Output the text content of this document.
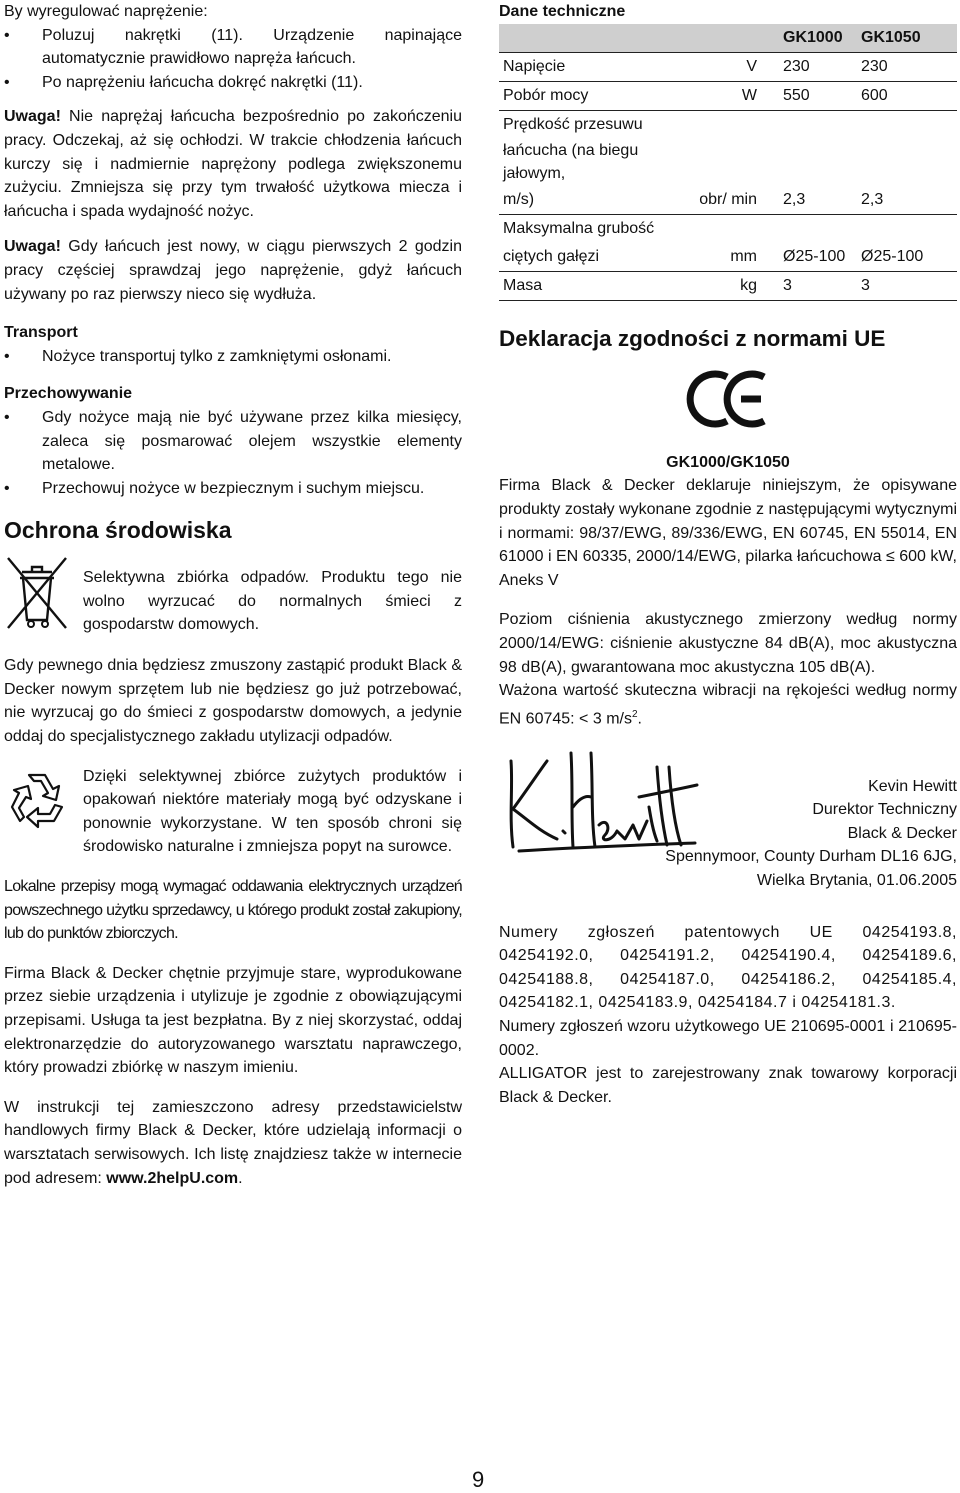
By wyregulować naprężenie:

• Poluzuj nakrętki (11). Urządzenie napinające automatycznie prawidłowo napręża łańcuch.

• Po naprężeniu łańcucha dokręć nakrętki (11).

Uwaga! Nie naprężaj łańcucha bezpośrednio po zakończeniu pracy. Odczekaj, aż się ochłodzi. W trakcie chłodzenia łańcuch kurczy się i nadmiernie naprężony podlega zwiększonemu zużyciu. Zmniejsza się przy tym trwałość użytkowa miecza i łańcucha i spada wydajność nożyc.

Uwaga! Gdy łańcuch jest nowy, w ciągu pierwszych 2 godzin pracy częściej sprawdzaj jego naprężenie, gdyż łańcuch używany po raz pierwszy nieco się wydłuża.

Transport

• Nożyce transportuj tylko z zamkniętymi osłonami.

Przechowywanie

• Gdy nożyce mają nie być używane przez kilka miesięcy, zaleca się posmarować olejem wszystkie elementy metalowe.

• Przechowuj nożyce w bezpiecznym i suchym miejscu.

Ochrona środowiska

Selektywna zbiórka odpadów. Produktu tego nie wolno wyrzucać do normalnych śmieci z gospodarstw domowych.

Gdy pewnego dnia będziesz zmuszony zastąpić produkt Black & Decker nowym sprzętem lub nie będziesz go już potrzebować, nie wyrzucaj go do śmieci z gospodarstw domowych, a jedynie oddaj do specjalistycznego zakładu utylizacji odpadów.

Dzięki selektywnej zbiórce zużytych produktów i opakowań niektóre materiały mogą być odzyskane i ponownie wykorzystane. W ten sposób chroni się środowisko naturalne i zmniejsza popyt na surowce.

Lokalne przepisy mogą wymagać oddawania elektrycznych urządzeń powszechnego użytku sprzedawcy, u którego produkt został zakupiony, lub do punktów zbiorczych.

Firma Black & Decker chętnie przyjmuje stare, wyprodukowane przez siebie urządzenia i utylizuje je zgodnie z obowiązującymi przepisami. Usługa ta jest bezpłatna. By z niej skorzystać, oddaj elektronarzędzie do autoryzowanego warsztatu naprawczego, który prowadzi zbiórkę w naszym imieniu.

W instrukcji tej zamieszczono adresy przedstawicielstw handlowych firmy Black & Decker, które udzielają informacji o warsztatach serwisowych. Ich listę znajdziesz także w internecie pod adresem: www.2helpU.com.

Dane techniczne
		GK1000	GK1050
Napięcie	V	230	230
Pobór mocy	W	550	600
Prędkość przesuwu			
łańcucha (na biegu jałowym,			
m/s)	obr/ min	2,3	2,3
Maksymalna grubość			
ciętych gałęzi	mm	Ø25-100	Ø25-100
Masa	kg	3	3
Deklaracja zgodności z normami UE
CE

GK1000/GK1050

Firma Black & Decker deklaruje niniejszym, że opisywane produkty zostały wykonane zgodnie z następującymi wytycznymi i normami: 98/37/EWG, 89/336/EWG, EN 60745, EN 55014, EN 61000 i EN 60335, 2000/14/EWG, pilarka łańcuchowa ≤ 600 kW, Aneks V

Poziom ciśnienia akustycznego zmierzony według normy 2000/14/EWG: ciśnienie akustyczne 84 dB(A), moc akustyczna 98 dB(A), gwarantowana moc akustyczna 105 dB(A).

Ważona wartość skuteczna wibracji na rękojeści według normy EN 60745: < 3 $m/s^2$.

Kevin Hewitt
Durektor Techniczny
Black & Decker
Spennymoor, County Durham DL16 6JG,
Wielka Brytania, 01.06.2005

Numery zgłoszeń patentowych UE 04254193.8, 04254192.0, 04254191.2, 04254190.4, 04254189.6, 04254188.8, 04254187.0, 04254186.2, 04254185.4, 04254182.1, 04254183.9, 04254184.7 i 04254181.3.

Numery zgłoszeń wzoru użytkowego UE 210695-0001 i 210695-0002.

ALLIGATOR jest to zarejestrowany znak towarowy korporacji Black & Decker.

9
